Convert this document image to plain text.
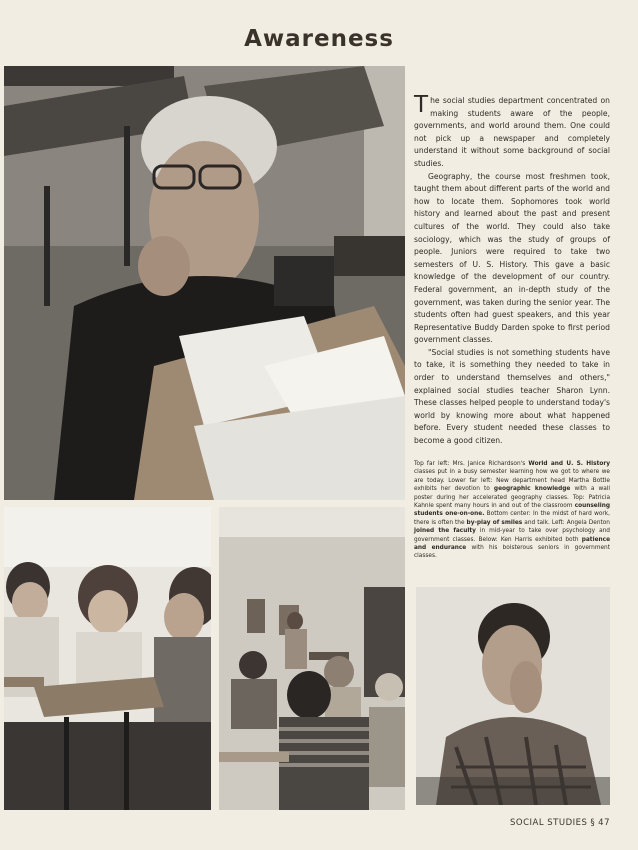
Awareness

The social studies department concentrated on making students aware of the people, governments, and world around them. One could not pick up a newspaper and completely understand it without some background of social studies.

Geography, the course most freshmen took, taught them about different parts of the world and how to locate them. Sophomores took world history and learned about the past and present cultures of the world. They could also take sociology, which was the study of groups of people. Juniors were required to take two semesters of U. S. History. This gave a basic knowledge of the development of our country. Federal government, an in-depth study of the government, was taken during the senior year. The students often had guest speakers, and this year Representative Buddy Darden spoke to first period government classes.

"Social studies is not something students have to take, it is something they needed to take in order to understand themselves and others," explained social studies teacher Sharon Lynn. These classes helped people to understand today's world by knowing more about what happened before. Every student needed these classes to become a good citizen.

Top far left: Mrs. Janice Richardson's World and U. S. History classes put in a busy semester learning how we got to where we are today. Lower far left: New department head Martha Bottle exhibits her devotion to geographic knowledge with a wall poster during her accelerated geography classes. Top: Patricia Kahnle spent many hours in and out of the classroom counseling students one-on-one. Bottom center: In the midst of hard work, there is often the by-play of smiles and talk. Left: Angela Denton joined the faculty in mid-year to take over psychology and government classes. Below: Ken Harris exhibited both patience and endurance with his boisterous seniors in government classes.
SOCIAL STUDIES § 47
